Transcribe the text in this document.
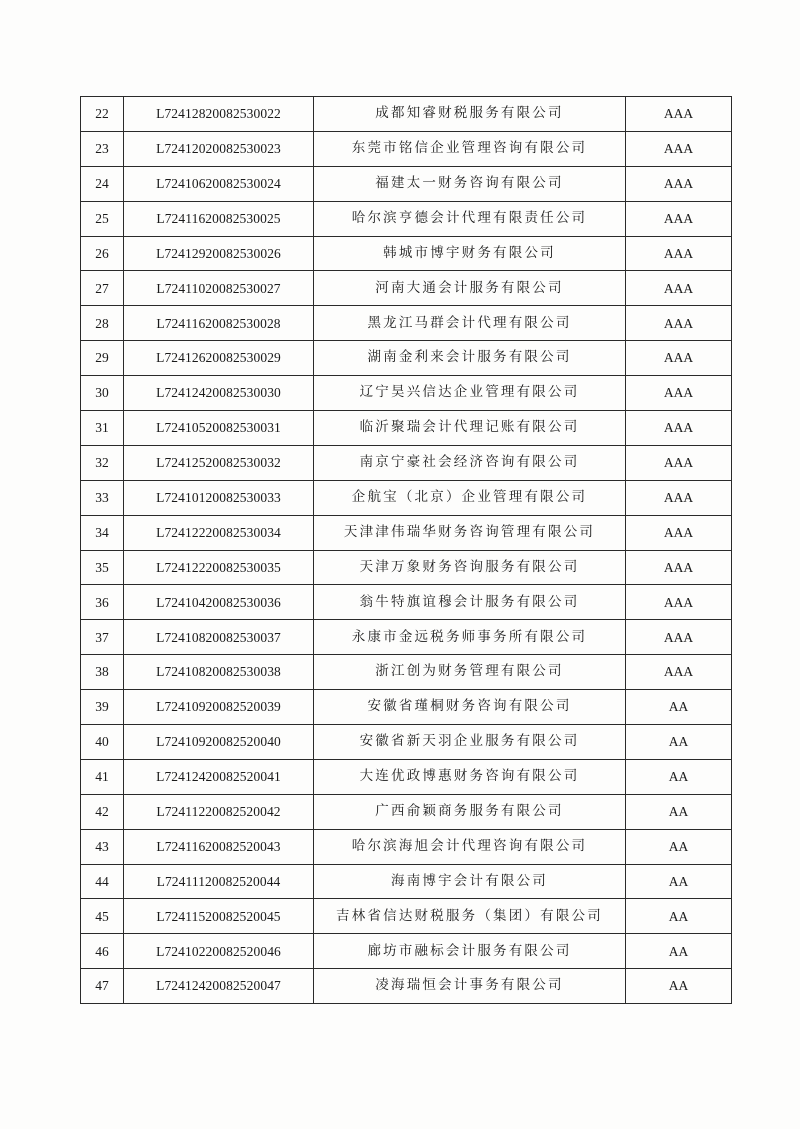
22	L72412820082530022	成都知睿财税服务有限公司	AAA
23	L72412020082530023	东莞市铭信企业管理咨询有限公司	AAA
24	L72410620082530024	福建太一财务咨询有限公司	AAA
25	L72411620082530025	哈尔滨亨德会计代理有限责任公司	AAA
26	L72412920082530026	韩城市博宇财务有限公司	AAA
27	L72411020082530027	河南大通会计服务有限公司	AAA
28	L72411620082530028	黑龙江马群会计代理有限公司	AAA
29	L72412620082530029	湖南金利来会计服务有限公司	AAA
30	L72412420082530030	辽宁昊兴信达企业管理有限公司	AAA
31	L72410520082530031	临沂聚瑞会计代理记账有限公司	AAA
32	L72412520082530032	南京宁豪社会经济咨询有限公司	AAA
33	L72410120082530033	企航宝（北京）企业管理有限公司	AAA
34	L72412220082530034	天津津伟瑞华财务咨询管理有限公司	AAA
35	L72412220082530035	天津万象财务咨询服务有限公司	AAA
36	L72410420082530036	翁牛特旗谊穆会计服务有限公司	AAA
37	L72410820082530037	永康市金远税务师事务所有限公司	AAA
38	L72410820082530038	浙江创为财务管理有限公司	AAA
39	L72410920082520039	安徽省瑾桐财务咨询有限公司	AA
40	L72410920082520040	安徽省新天羽企业服务有限公司	AA
41	L72412420082520041	大连优政博惠财务咨询有限公司	AA
42	L72411220082520042	广西俞颖商务服务有限公司	AA
43	L72411620082520043	哈尔滨海旭会计代理咨询有限公司	AA
44	L72411120082520044	海南博宇会计有限公司	AA
45	L72411520082520045	吉林省信达财税服务（集团）有限公司	AA
46	L72410220082520046	廊坊市融标会计服务有限公司	AA
47	L72412420082520047	凌海瑞恒会计事务有限公司	AA
